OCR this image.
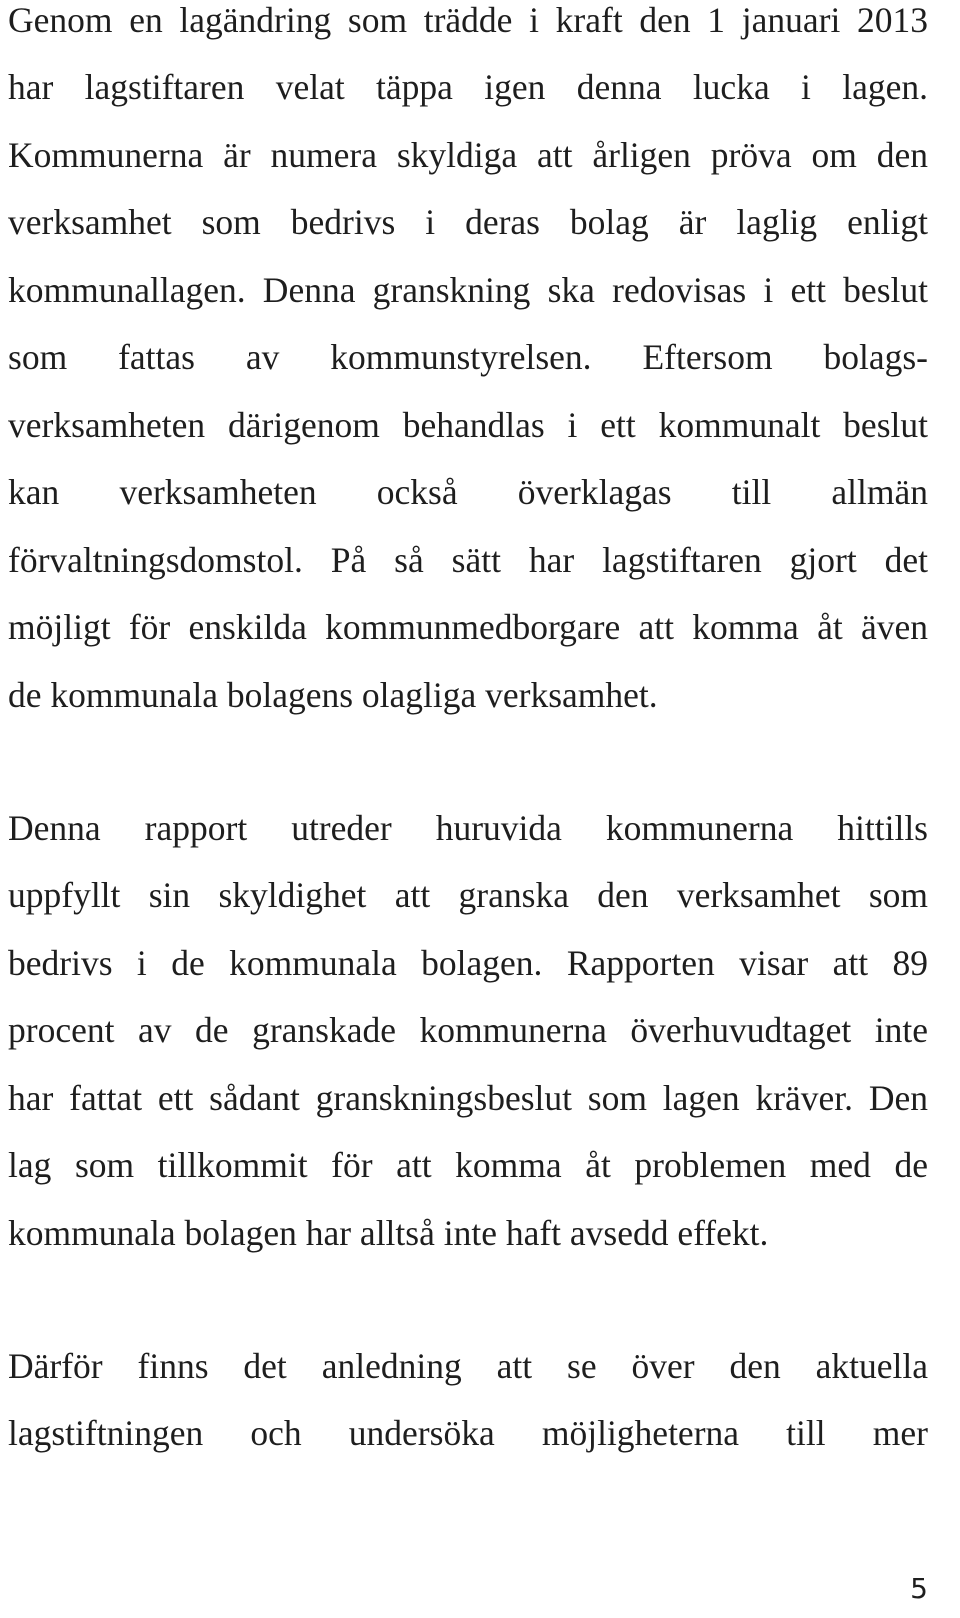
Genom en lagändring som trädde i kraft den 1 januari 2013
har lagstiftaren velat täppa igen denna lucka i lagen.
Kommunerna är numera skyldiga att årligen pröva om den
verksamhet som bedrivs i deras bolag är laglig enligt
kommunallagen. Denna granskning ska redovisas i ett beslut
som fattas av kommunstyrelsen. Eftersom bolags-
verksamheten därigenom behandlas i ett kommunalt beslut
kan verksamheten också överklagas till allmän
förvaltningsdomstol. På så sätt har lagstiftaren gjort det
möjligt för enskilda kommunmedborgare att komma åt även
de kommunala bolagens olagliga verksamhet.
Denna rapport utreder huruvida kommunerna hittills
uppfyllt sin skyldighet att granska den verksamhet som
bedrivs i de kommunala bolagen. Rapporten visar att 89
procent av de granskade kommunerna överhuvudtaget inte
har fattat ett sådant granskningsbeslut som lagen kräver. Den
lag som tillkommit för att komma åt problemen med de
kommunala bolagen har alltså inte haft avsedd effekt.
Därför finns det anledning att se över den aktuella
lagstiftningen och undersöka möjligheterna till mer
5
